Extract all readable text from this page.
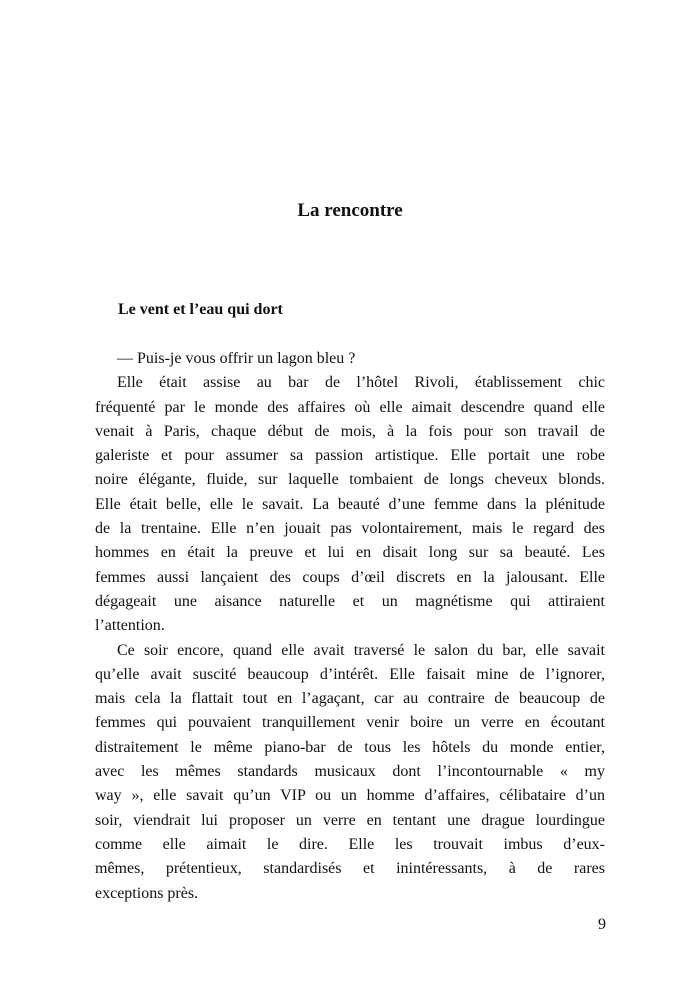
La rencontre
Le vent et l’eau qui dort
— Puis-je vous offrir un lagon bleu ?
Elle était assise au bar de l’hôtel Rivoli, établissement chic
fréquenté par le monde des affaires où elle aimait descendre quand elle
venait à Paris, chaque début de mois, à la fois pour son travail de
galeriste et pour assumer sa passion artistique. Elle portait une robe
noire élégante, fluide, sur laquelle tombaient de longs cheveux blonds.
Elle était belle, elle le savait. La beauté d’une femme dans la plénitude
de la trentaine. Elle n’en jouait pas volontairement, mais le regard des
hommes en était la preuve et lui en disait long sur sa beauté. Les
femmes aussi lançaient des coups d’œil discrets en la jalousant. Elle
dégageait une aisance naturelle et un magnétisme qui attiraient
l’attention.
Ce soir encore, quand elle avait traversé le salon du bar, elle savait
qu’elle avait suscité beaucoup d’intérêt. Elle faisait mine de l’ignorer,
mais cela la flattait tout en l’agaçant, car au contraire de beaucoup de
femmes qui pouvaient tranquillement venir boire un verre en écoutant
distraitement le même piano-bar de tous les hôtels du monde entier,
avec les mêmes standards musicaux dont l’incontournable « my
way », elle savait qu’un VIP ou un homme d’affaires, célibataire d’un
soir, viendrait lui proposer un verre en tentant une drague lourdingue
comme elle aimait le dire. Elle les trouvait imbus d’eux-
mêmes, prétentieux, standardisés et inintéressants, à de rares
exceptions près.
9
